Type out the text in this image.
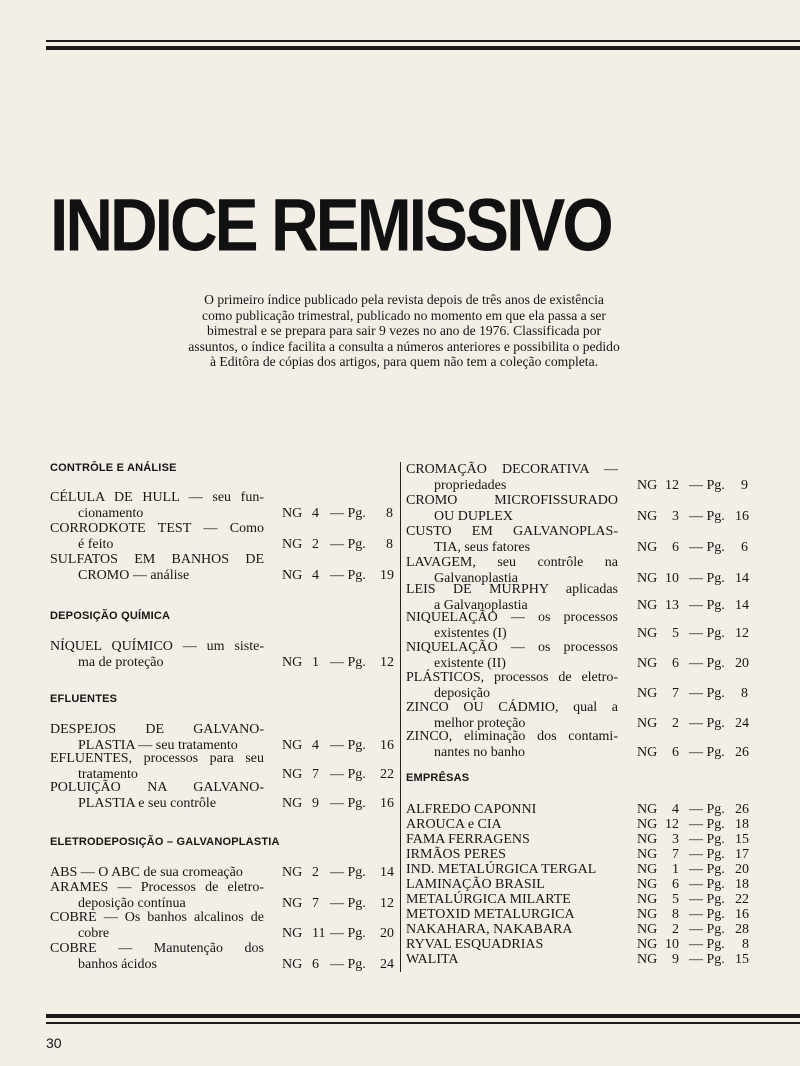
INDICE REMISSIVO

O primeiro índice publicado pela revista depois de três anos de existência como publicação trimestral, publicado no momento em que ela passa a ser bimestral e se prepara para sair 9 vezes no ano de 1976. Classificada por assuntos, o índice facilita a consulta a números anteriores e possibilita o pedido à Editôra de cópias dos artigos, para quem não tem a coleção completa.

CONTRÔLE E ANÁLISE
CÉLULA DE HULL — seu fun-
cionamento	NG 4 — Pg. 8
CORRODKOTE TEST — Como
é feito	NG 2 — Pg. 8
SULFATOS EM BANHOS DE
CROMO — análise	NG 4 — Pg. 19
DEPOSIÇÃO QUÍMICA
NÍQUEL QUÍMICO — um siste-
ma de proteção	NG 1 — Pg. 12
EFLUENTES
DESPEJOS DE GALVANO-
PLASTIA — seu tratamento	NG 4 — Pg. 16
EFLUENTES, processos para seu
tratamento	NG 7 — Pg. 22
POLUIÇÃO NA GALVANO-
PLASTIA e seu contrôle	NG 9 — Pg. 16
ELETRODEPOSIÇÃO – GALVANOPLASTIA
ABS — O ABC de sua cromeação	NG 2 — Pg. 14
ARAMES — Processos de eletro-
deposição contínua	NG 7 — Pg. 12
COBRE — Os banhos alcalinos de
cobre	NG 11 — Pg. 20
COBRE — Manutenção dos
banhos ácidos	NG 6 — Pg. 24
CROMAÇÃO DECORATIVA —
propriedades	NG 12 — Pg. 9
CROMO MICROFISSURADO
OU DUPLEX	NG 3 — Pg. 16
CUSTO EM GALVANOPLAS-
TIA, seus fatores	NG 6 — Pg. 6
LAVAGEM, seu contrôle na
Galvanoplastia	NG 10 — Pg. 14
LEIS DE MURPHY aplicadas
a Galvanoplastia	NG 13 — Pg. 14
NIQUELAÇÃO — os processos
existentes (I)	NG 5 — Pg. 12
NIQUELAÇÃO — os processos
existente (II)	NG 6 — Pg. 20
PLÁSTICOS, processos de eletro-
deposição	NG 7 — Pg. 8
ZINCO OU CÁDMIO, qual a
melhor proteção	NG 2 — Pg. 24
ZINCO, eliminação dos contami-
nantes no banho	NG 6 — Pg. 26
EMPRÊSAS
ALFREDO CAPONNI	NG 4 — Pg. 26
AROUCA e CIA	NG 12 — Pg. 18
FAMA FERRAGENS	NG 3 — Pg. 15
IRMÃOS PERES	NG 7 — Pg. 17
IND. METALÚRGICA TERGAL	NG 1 — Pg. 20
LAMINAÇÃO BRASIL	NG 6 — Pg. 18
METALÚRGICA MILARTE	NG 5 — Pg. 22
METOXID METALURGICA	NG 8 — Pg. 16
NAKAHARA, NAKABARA	NG 2 — Pg. 28
RYVAL ESQUADRIAS	NG 10 — Pg. 8
WALITA	NG 9 — Pg. 15
30
